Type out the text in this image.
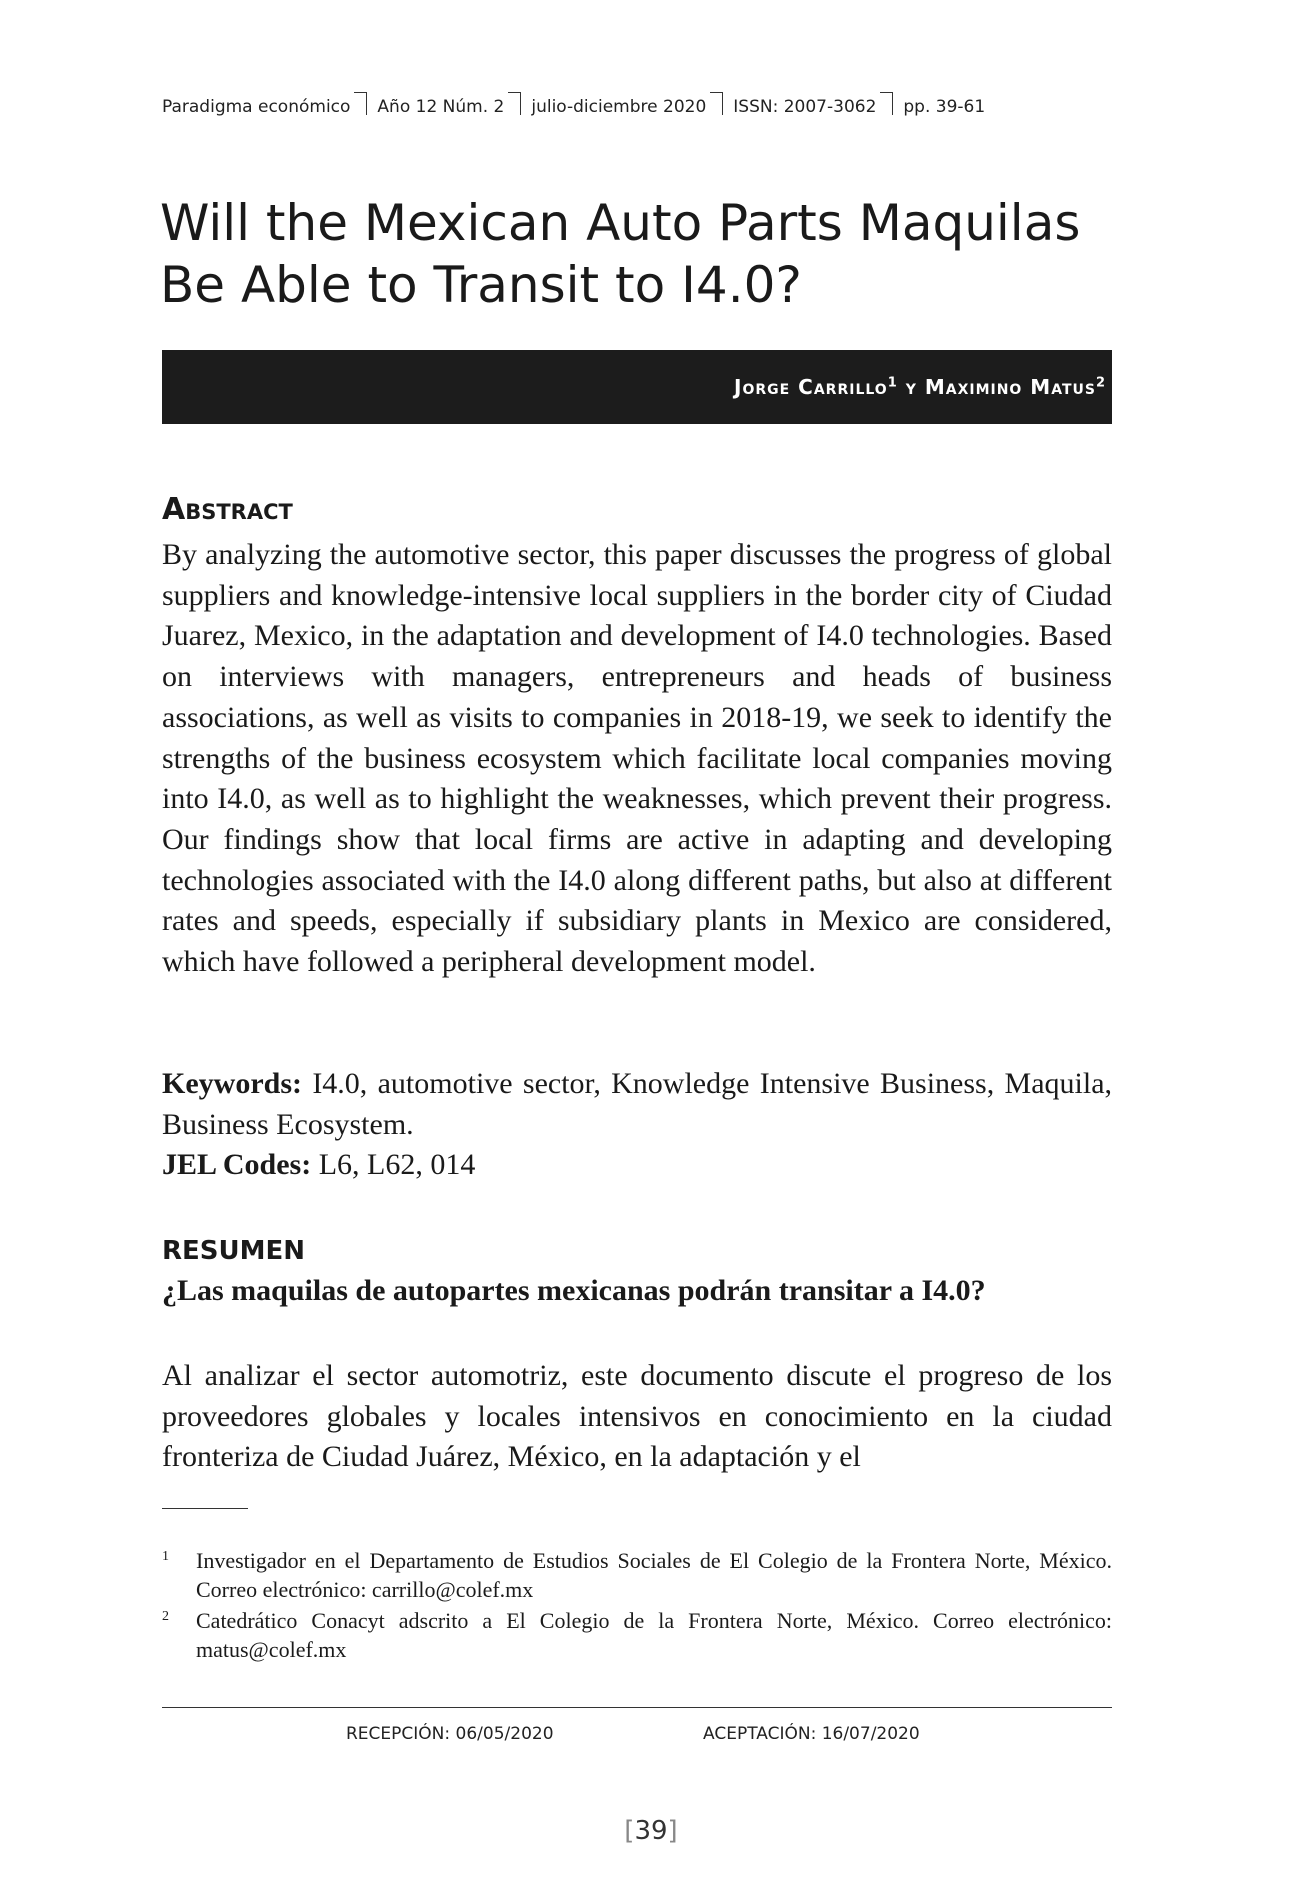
Paradigma económico Año 12 Núm. 2 julio-diciembre 2020 ISSN: 2007-3062 pp. 39-61
Will the Mexican Auto Parts Maquilas
Be Able to Transit to I4.0?
Jorge Carrillo$^1$ y Maximino Matus$^2$
Abstract

By analyzing the automotive sector, this paper discusses the progress of global suppliers and knowledge-intensive local suppliers in the border city of Ciudad Juarez, Mexico, in the adaptation and development of I4.0 technologies. Based on interviews with managers, entrepreneurs and heads of business associations, as well as visits to companies in 2018-19, we seek to identify the strengths of the business ecosystem which facilitate local companies moving into I4.0, as well as to highlight the weaknesses, which prevent their progress. Our findings show that local firms are active in adapting and developing technologies associated with the I4.0 along different paths, but also at different rates and speeds, especially if subsidiary plants in Mexico are considered, which have followed a peripheral development model.

Keywords: I4.0, automotive sector, Knowledge Intensive Business, Maquila, Business Ecosystem.

JEL Codes: L6, L62, 014

RESUMEN

¿Las maquilas de autopartes mexicanas podrán transitar a I4.0?

Al analizar el sector automotriz, este documento discute el progreso de los proveedores globales y locales intensivos en conocimiento en la ciudad fronteriza de Ciudad Juárez, México, en la adaptación y el

1 Investigador en el Departamento de Estudios Sociales de El Colegio de la Frontera Norte, México. Correo electrónico: carrillo@colef.mx
2 Catedrático Conacyt adscrito a El Colegio de la Frontera Norte, México. Correo electrónico: matus@colef.mx
RECEPCIÓN: 06/05/2020	ACEPTACIÓN: 16/07/2020
[39]
